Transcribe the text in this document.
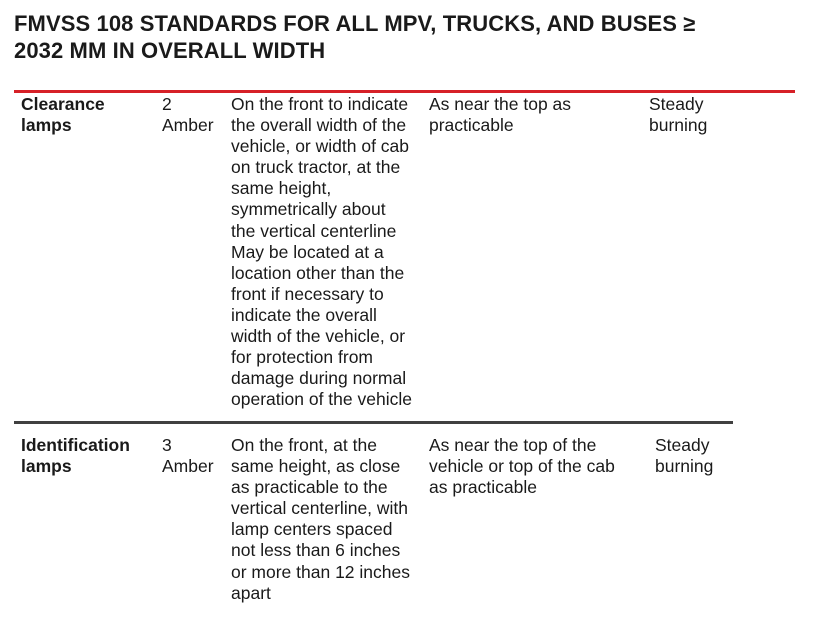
FMVSS 108 STANDARDS FOR ALL MPV, TRUCKS, AND BUSES ≥
2032 MM IN OVERALL WIDTH

Clearance
lamps

2
Amber

On the front to indicate
the overall width of the
vehicle, or width of cab
on truck tractor, at the
same height,
symmetrically about
the vertical centerline
May be located at a
location other than the
front if necessary to
indicate the overall
width of the vehicle, or
for protection from
damage during normal
operation of the vehicle

As near the top as
practicable

Steady
burning

Identification
lamps

3
Amber

On the front, at the
same height, as close
as practicable to the
vertical centerline, with
lamp centers spaced
not less than 6 inches
or more than 12 inches
apart

As near the top of the
vehicle or top of the cab
as practicable

Steady
burning
